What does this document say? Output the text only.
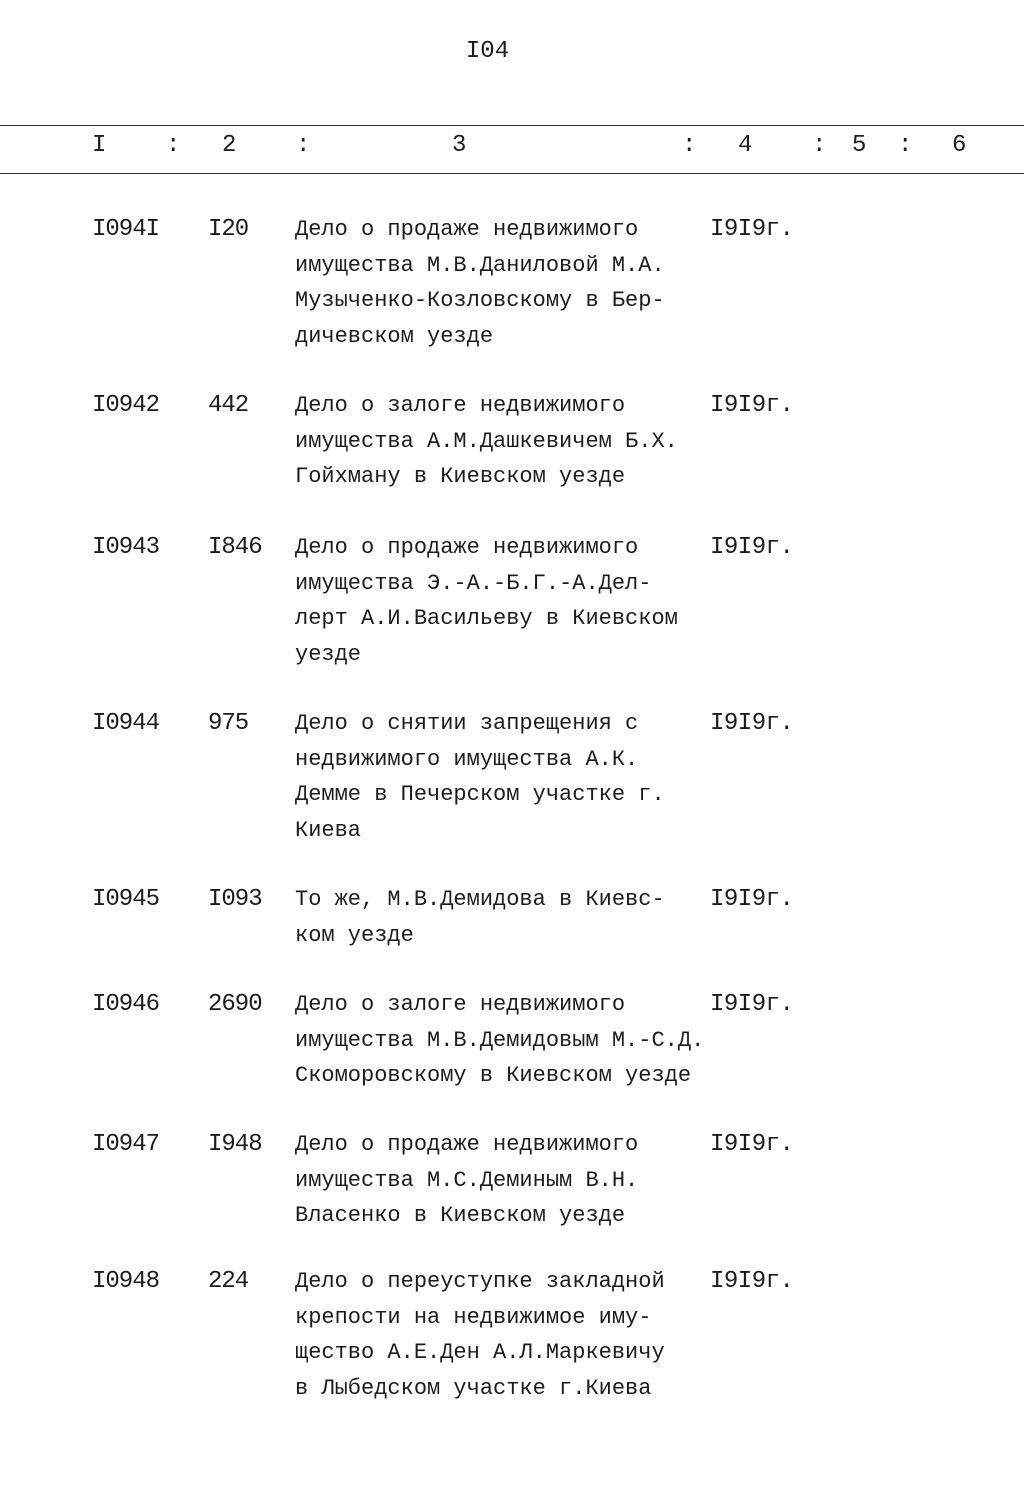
I04
I : 2 :	3	: 4 : 5 : 6
I094I I20 Дело о продаже недвижимого
имущества М.В.Даниловой М.А.
Музыченко-Козловскому в Бер-
дичевском уезде
I9I9г.
I0942 442 Дело о залоге недвижимого
имущества А.М.Дашкевичем Б.Х.
Гойхману в Киевском уезде
I9I9г.
I0943 I846 Дело о продаже недвижимого
имущества Э.-А.-Б.Г.-А.Дел-
лерт А.И.Васильеву в Киевском
уезде
I9I9г.
I0944 975 Дело о снятии запрещения с
недвижимого имущества А.К.
Демме в Печерском участке г.
Киева
I9I9г.
I0945 I093 То же, М.В.Демидова в Киевс-
ком уезде
I9I9г.
I0946 2690 Дело о залоге недвижимого
имущества М.В.Демидовым М.-С.Д.
Скоморовскому в Киевском уезде
I9I9г.
I0947 I948 Дело о продаже недвижимого
имущества М.С.Деминым В.Н.
Власенко в Киевском уезде
I9I9г.
I0948 224 Дело о переуступке закладной
крепости на недвижимое иму-
щество А.Е.Ден А.Л.Маркевичу
в Лыбедском участке г.Киева
I9I9г.
